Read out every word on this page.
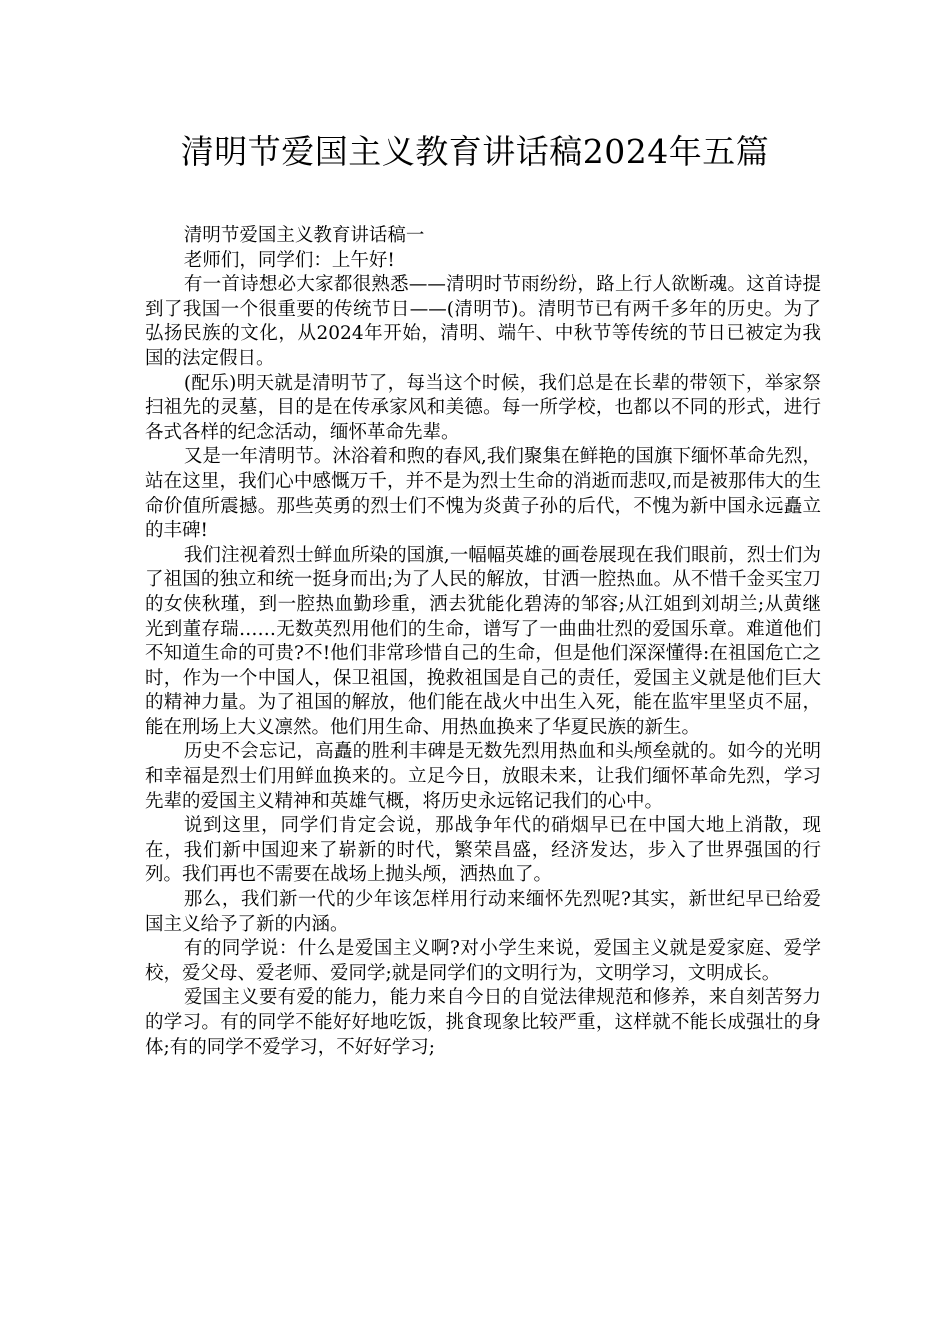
清明节爱国主义教育讲话稿2024年五篇

清明节爱国主义教育讲话稿一

老师们，同学们：上午好!

有一首诗想必大家都很熟悉——清明时节雨纷纷，路上行人欲断魂。这首诗提到了我国一个很重要的传统节日——(清明节)。清明节已有两千多年的历史。为了弘扬民族的文化，从2024年开始，清明、端午、中秋节等传统的节日已被定为我国的法定假日。

(配乐)明天就是清明节了，每当这个时候，我们总是在长辈的带领下，举家祭扫祖先的灵墓，目的是在传承家风和美德。每一所学校，也都以不同的形式，进行各式各样的纪念活动，缅怀革命先辈。

又是一年清明节。沐浴着和煦的春风,我们聚集在鲜艳的国旗下缅怀革命先烈，站在这里，我们心中感慨万千，并不是为烈士生命的消逝而悲叹,而是被那伟大的生命价值所震撼。那些英勇的烈士们不愧为炎黄子孙的后代，不愧为新中国永远矗立的丰碑!

我们注视着烈士鲜血所染的国旗,一幅幅英雄的画卷展现在我们眼前，烈士们为了祖国的独立和统一挺身而出;为了人民的解放，甘洒一腔热血。从不惜千金买宝刀的女侠秋瑾，到一腔热血勤珍重，洒去犹能化碧涛的邹容;从江姐到刘胡兰;从黄继光到董存瑞……无数英烈用他们的生命，谱写了一曲曲壮烈的爱国乐章。难道他们不知道生命的可贵?不!他们非常珍惜自己的生命，但是他们深深懂得:在祖国危亡之时，作为一个中国人，保卫祖国，挽救祖国是自己的责任，爱国主义就是他们巨大的精神力量。为了祖国的解放，他们能在战火中出生入死，能在监牢里坚贞不屈，能在刑场上大义凛然。他们用生命、用热血换来了华夏民族的新生。

历史不会忘记，高矗的胜利丰碑是无数先烈用热血和头颅垒就的。如今的光明和幸福是烈士们用鲜血换来的。立足今日，放眼未来，让我们缅怀革命先烈，学习先辈的爱国主义精神和英雄气概，将历史永远铭记我们的心中。

说到这里，同学们肯定会说，那战争年代的硝烟早已在中国大地上消散，现在，我们新中国迎来了崭新的时代，繁荣昌盛，经济发达，步入了世界强国的行列。我们再也不需要在战场上抛头颅，洒热血了。

那么，我们新一代的少年该怎样用行动来缅怀先烈呢?其实，新世纪早已给爱国主义给予了新的内涵。

有的同学说：什么是爱国主义啊?对小学生来说，爱国主义就是爱家庭、爱学校，爱父母、爱老师、爱同学;就是同学们的文明行为，文明学习，文明成长。

爱国主义要有爱的能力，能力来自今日的自觉法律规范和修养，来自刻苦努力的学习。有的同学不能好好地吃饭，挑食现象比较严重，这样就不能长成强壮的身体;有的同学不爱学习，不好好学习;
